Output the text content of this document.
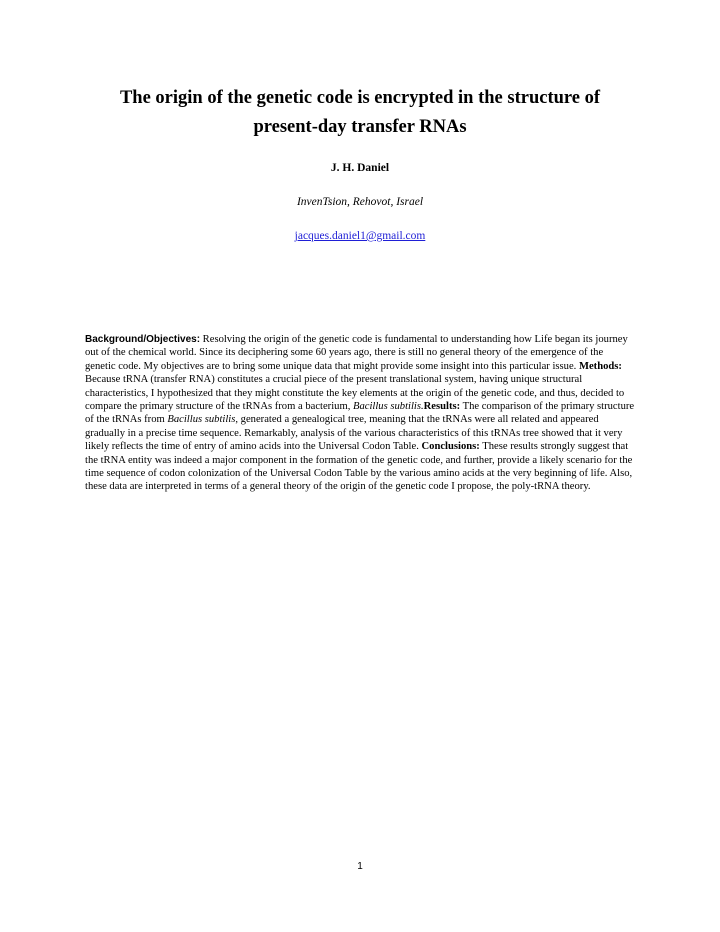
The origin of the genetic code is encrypted in the structure of
present-day transfer RNAs

J. H. Daniel

InvenTsion, Rehovot, Israel

jacques.daniel1@gmail.com

Background/Objectives: Resolving the origin of the genetic code is fundamental to understanding how Life began its journey out of the chemical world. Since its deciphering some 60 years ago, there is still no general theory of the emergence of the genetic code. My objectives are to bring some unique data that might provide some insight into this particular issue. Methods: Because tRNA (transfer RNA) constitutes a crucial piece of the present translational system, having unique structural characteristics, I hypothesized that they might constitute the key elements at the origin of the genetic code, and thus, decided to compare the primary structure of the tRNAs from a bacterium, Bacillus subtilis.Results: The comparison of the primary structure of the tRNAs from Bacillus subtilis, generated a genealogical tree, meaning that the tRNAs were all related and appeared gradually in a precise time sequence. Remarkably, analysis of the various characteristics of this tRNAs tree showed that it very likely reflects the time of entry of amino acids into the Universal Codon Table. Conclusions: These results strongly suggest that the tRNA entity was indeed a major component in the formation of the genetic code, and further, provide a likely scenario for the time sequence of codon colonization of the Universal Codon Table by the various amino acids at the very beginning of life. Also, these data are interpreted in terms of a general theory of the origin of the genetic code I propose, the poly-tRNA theory.

1
